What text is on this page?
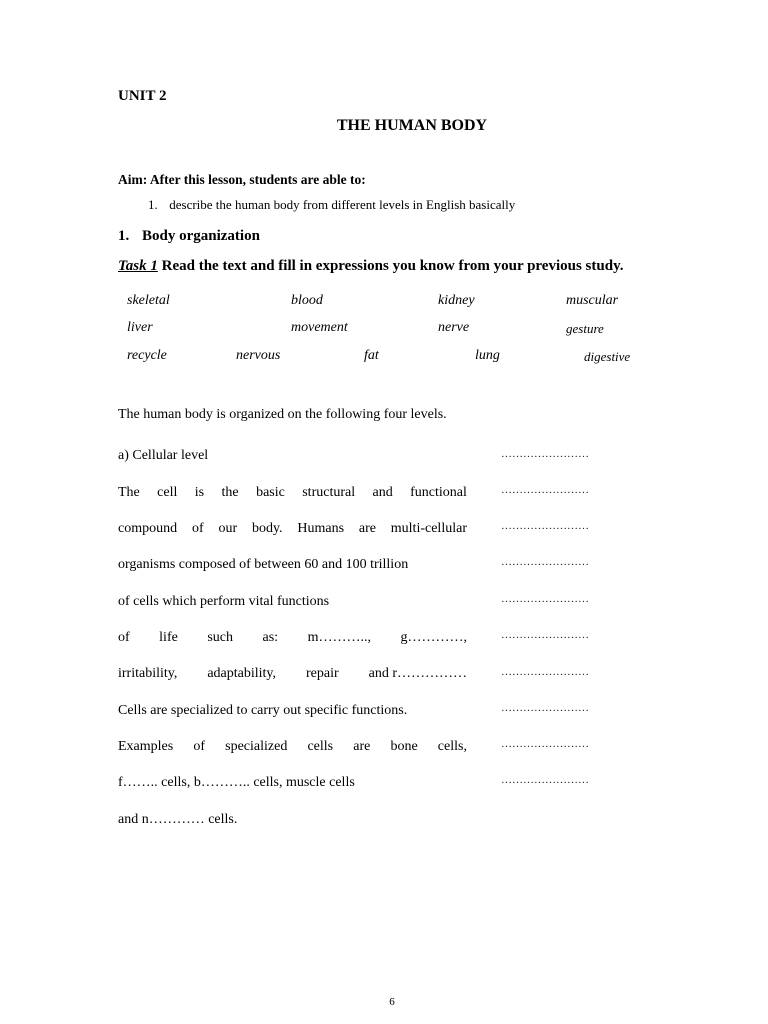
UNIT 2
THE HUMAN BODY
Aim: After this lesson, students are able to:
1. describe the human body from different levels in English basically
1. Body organization
Task 1 Read the text and fill in expressions you know from your previous study.
skeletal	blood	kidney	muscular
liver	movement	nerve	gesture
recycle	nervous	fat	lung	digestive
The human body is organized on the following four levels.
a) Cellular level
The cell is the basic structural and functional
compound of our body. Humans are multi-cellular
organisms composed of between 60 and 100 trillion
of cells which perform vital functions
of life such as: m……….., g…………,
irritability, adaptability, repair and r……………
Cells are specialized to carry out specific functions.
Examples of specialized cells are bone cells,
f…….. cells, b……….. cells, muscle cells
and n………… cells.
……………………
……………………
……………………
……………………
……………………
……………………
……………………
……………………
……………………
……………………
6
